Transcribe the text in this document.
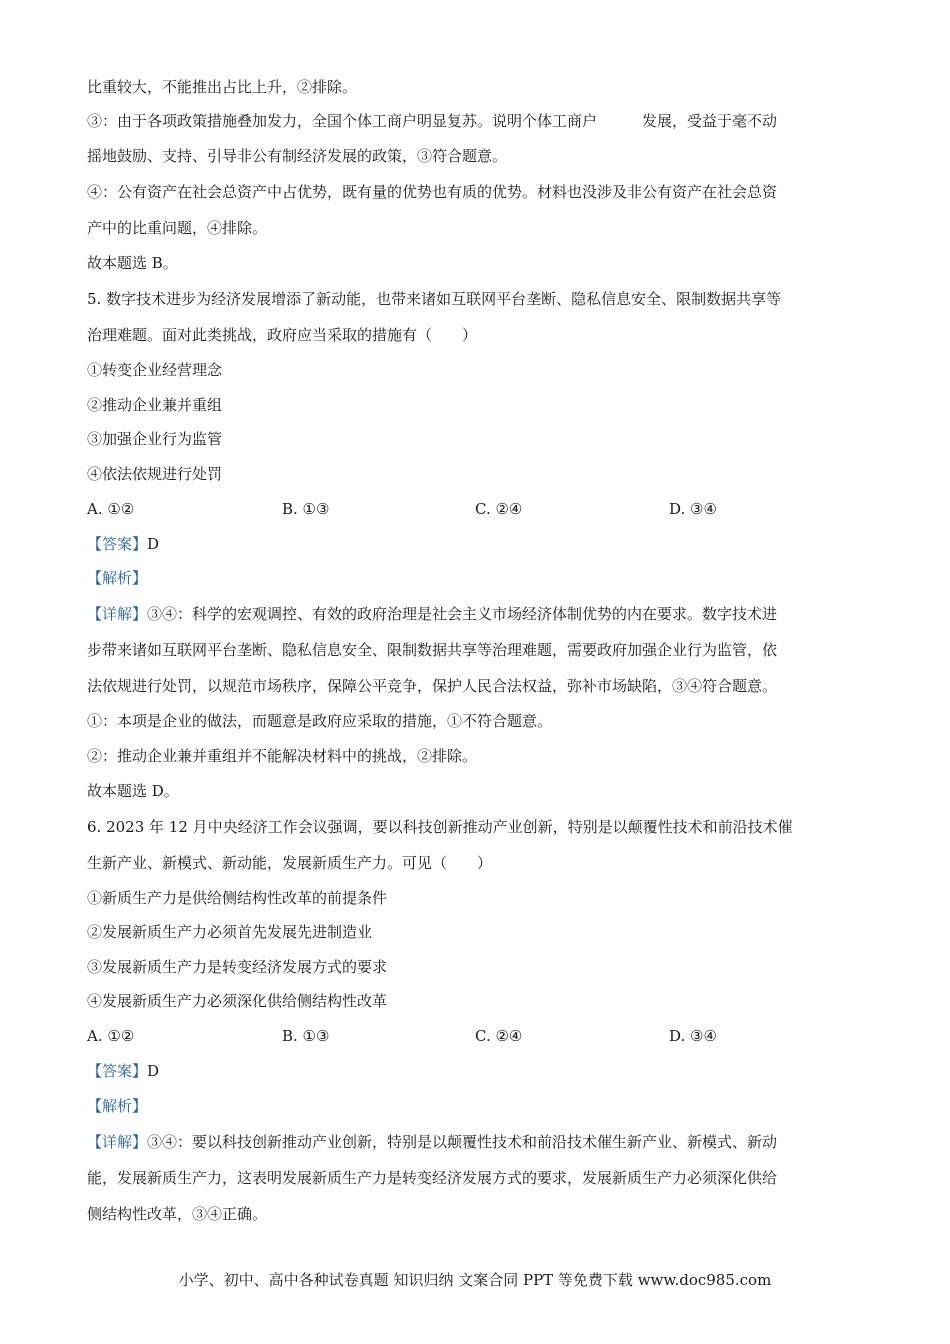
比重较大，不能推出占比上升，②排除。
③：由于各项政策措施叠加发力，全国个体工商户明显复苏。说明个体工商户　　　发展，受益于毫不动
摇地鼓励、支持、引导非公有制经济发展的政策，③符合题意。
④：公有资产在社会总资产中占优势，既有量的优势也有质的优势。材料也没涉及非公有资产在社会总资
产中的比重问题，④排除。
故本题选 B。
5. 数字技术进步为经济发展增添了新动能，也带来诸如互联网平台垄断、隐私信息安全、限制数据共享等
治理难题。面对此类挑战，政府应当采取的措施有（　　）
①转变企业经营理念
②推动企业兼并重组
③加强企业行为监管
④依法依规进行处罚
A. ①②	B. ①③	C. ②④	D. ③④
【答案】D
【解析】
【详解】③④：科学的宏观调控、有效的政府治理是社会主义市场经济体制优势的内在要求。数字技术进
步带来诸如互联网平台垄断、隐私信息安全、限制数据共享等治理难题，需要政府加强企业行为监管，依
法依规进行处罚，以规范市场秩序，保障公平竞争，保护人民合法权益，弥补市场缺陷，③④符合题意。
①：本项是企业的做法，而题意是政府应采取的措施，①不符合题意。
②：推动企业兼并重组并不能解决材料中的挑战，②排除。
故本题选 D。
6. 2023 年 12 月中央经济工作会议强调，要以科技创新推动产业创新，特别是以颠覆性技术和前沿技术催
生新产业、新模式、新动能，发展新质生产力。可见（　　）
①新质生产力是供给侧结构性改革的前提条件
②发展新质生产力必须首先发展先进制造业
③发展新质生产力是转变经济发展方式的要求
④发展新质生产力必须深化供给侧结构性改革
A. ①②	B. ①③	C. ②④	D. ③④
【答案】D
【解析】
【详解】③④：要以科技创新推动产业创新，特别是以颠覆性技术和前沿技术催生新产业、新模式、新动
能，发展新质生产力，这表明发展新质生产力是转变经济发展方式的要求，发展新质生产力必须深化供给
侧结构性改革，③④正确。
小学、初中、高中各种试卷真题 知识归纳 文案合同 PPT 等免费下载 www.doc985.com
